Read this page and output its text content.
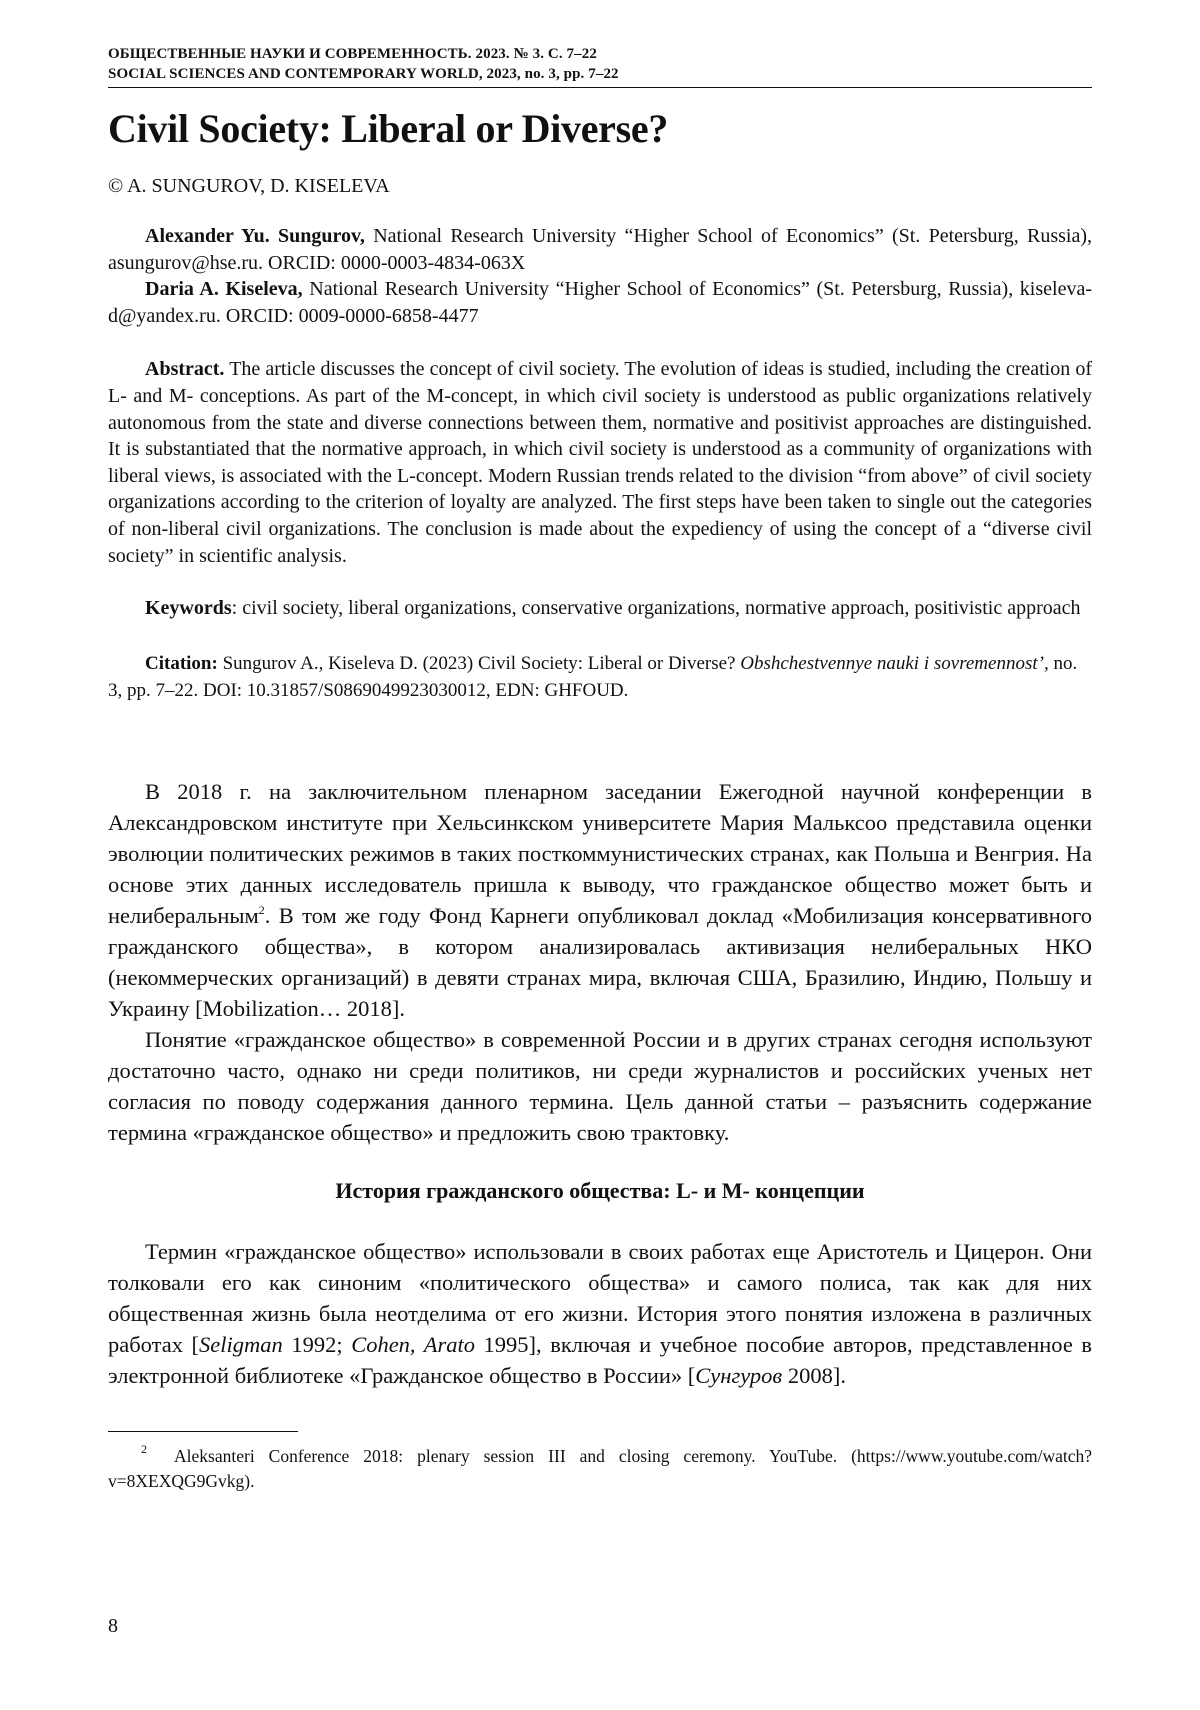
ОБЩЕСТВЕННЫЕ НАУКИ И СОВРЕМЕННОСТЬ. 2023. № 3. С. 7–22
SOCIAL SCIENCES AND CONTEMPORARY WORLD, 2023, no. 3, pp. 7–22
Civil Society: Liberal or Diverse?
© A. SUNGUROV, D. KISELEVA

Alexander Yu. Sungurov, National Research University “Higher School of Economics” (St. Petersburg, Russia), asungurov@hse.ru. ORCID: 0000-0003-4834-063X

Daria A. Kiseleva, National Research University “Higher School of Economics” (St. Petersburg, Russia), kiseleva-d@yandex.ru. ORCID: 0009-0000-6858-4477

Abstract. The article discusses the concept of civil society. The evolution of ideas is studied, including the creation of L- and M- conceptions. As part of the M-concept, in which civil society is understood as public organizations relatively autonomous from the state and diverse connections between them, normative and positivist approaches are distinguished. It is substantiated that the normative approach, in which civil society is understood as a community of organizations with liberal views, is associated with the L-concept. Modern Russian trends related to the division “from above” of civil society organizations according to the criterion of loyalty are analyzed. The first steps have been taken to single out the categories of non-liberal civil organizations. The conclusion is made about the expediency of using the concept of a “diverse civil society” in scientific analysis.

Keywords: civil society, liberal organizations, conservative organizations, normative approach, positivistic approach

Citation: Sungurov A., Kiseleva D. (2023) Civil Society: Liberal or Diverse? Obshchestvennye nauki i sovremennost’, no. 3, pp. 7–22. DOI: 10.31857/S0869049923030012, EDN: GHFOUD.

В 2018 г. на заключительном пленарном заседании Ежегодной научной конференции в Александровском институте при Хельсинкском университете Мария Мальксоо представила оценки эволюции политических режимов в таких посткоммунистических странах, как Польша и Венгрия. На основе этих данных исследователь пришла к выводу, что гражданское общество может быть и нелиберальным$^2$. В том же году Фонд Карнеги опубликовал доклад «Мобилизация консервативного гражданского общества», в котором анализировалась активизация нелиберальных НКО (некоммерческих организаций) в девяти странах мира, включая США, Бразилию, Индию, Польшу и Украину [Mobilization… 2018].

Понятие «гражданское общество» в современной России и в других странах сегодня используют достаточно часто, однако ни среди политиков, ни среди журналистов и российских ученых нет согласия по поводу содержания данного термина. Цель данной статьи – разъяснить содержание термина «гражданское общество» и предложить свою трактовку.

История гражданского общества: L- и M- концепции

Термин «гражданское общество» использовали в своих работах еще Аристотель и Цицерон. Они толковали его как синоним «политического общества» и самого полиса, так как для них общественная жизнь была неотделима от его жизни. История этого понятия изложена в различных работах [Seligman 1992; Cohen, Arato 1995], включая и учебное пособие авторов, представленное в электронной библиотеке «Гражданское общество в России» [Сунгуров 2008].

$^2$ Aleksanteri Conference 2018: plenary session III and closing ceremony. YouTube. (https://www.youtube.com/watch?v=8XEXQG9Gvkg).

8
